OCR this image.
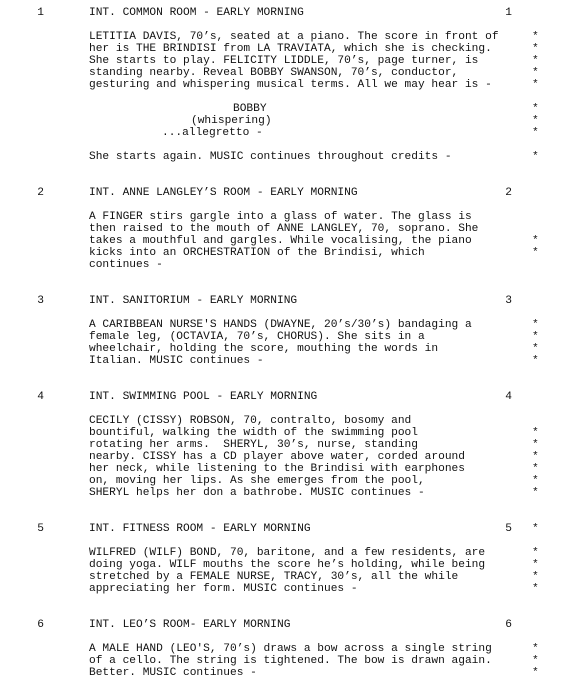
1	INT. COMMON ROOM - EARLY MORNING	1
LETITIA DAVIS, 70’s, seated at a piano. The score in front of
her is THE BRINDISI from LA TRAVIATA, which she is checking.
She starts to play. FELICITY LIDDLE, 70’s, page turner, is
standing nearby. Reveal BOBBY SWANSON, 70’s, conductor,
gesturing and whispering musical terms. All we may hear is -
BOBBY
(whispering)
...allegretto -
She starts again. MUSIC continues throughout credits -
*
*
*
*
*
*
*
*
*
2	INT. ANNE LANGLEY’S ROOM - EARLY MORNING	2
A FINGER stirs gargle into a glass of water. The glass is
then raised to the mouth of ANNE LANGLEY, 70, soprano. She
takes a mouthful and gargles. While vocalising, the piano
kicks into an ORCHESTRATION of the Brindisi, which
continues -
*
*
3	INT. SANITORIUM - EARLY MORNING	3
A CARIBBEAN NURSE'S HANDS (DWAYNE, 20’s/30’s) bandaging a
female leg, (OCTAVIA, 70’s, CHORUS). She sits in a
wheelchair, holding the score, mouthing the words in
Italian. MUSIC continues -
*
*
*
*
4	INT. SWIMMING POOL - EARLY MORNING	4
CECILY (CISSY) ROBSON, 70, contralto, bosomy and
bountiful, walking the width of the swimming pool
rotating her arms.  SHERYL, 30’s, nurse, standing
nearby. CISSY has a CD player above water, corded around
her neck, while listening to the Brindisi with earphones
on, moving her lips. As she emerges from the pool,
SHERYL helps her don a bathrobe. MUSIC continues -
*
*
*
*
*
*
5	INT. FITNESS ROOM - EARLY MORNING	5
WILFRED (WILF) BOND, 70, baritone, and a few residents, are
doing yoga. WILF mouths the score he’s holding, while being
stretched by a FEMALE NURSE, TRACY, 30’s, all the while
appreciating her form. MUSIC continues -
*
*
*
*
*
6	INT. LEO’S ROOM- EARLY MORNING	6
A MALE HAND (LEO'S, 70’s) draws a bow across a single string
of a cello. The string is tightened. The bow is drawn again.
Better. MUSIC continues -
*
*
*
